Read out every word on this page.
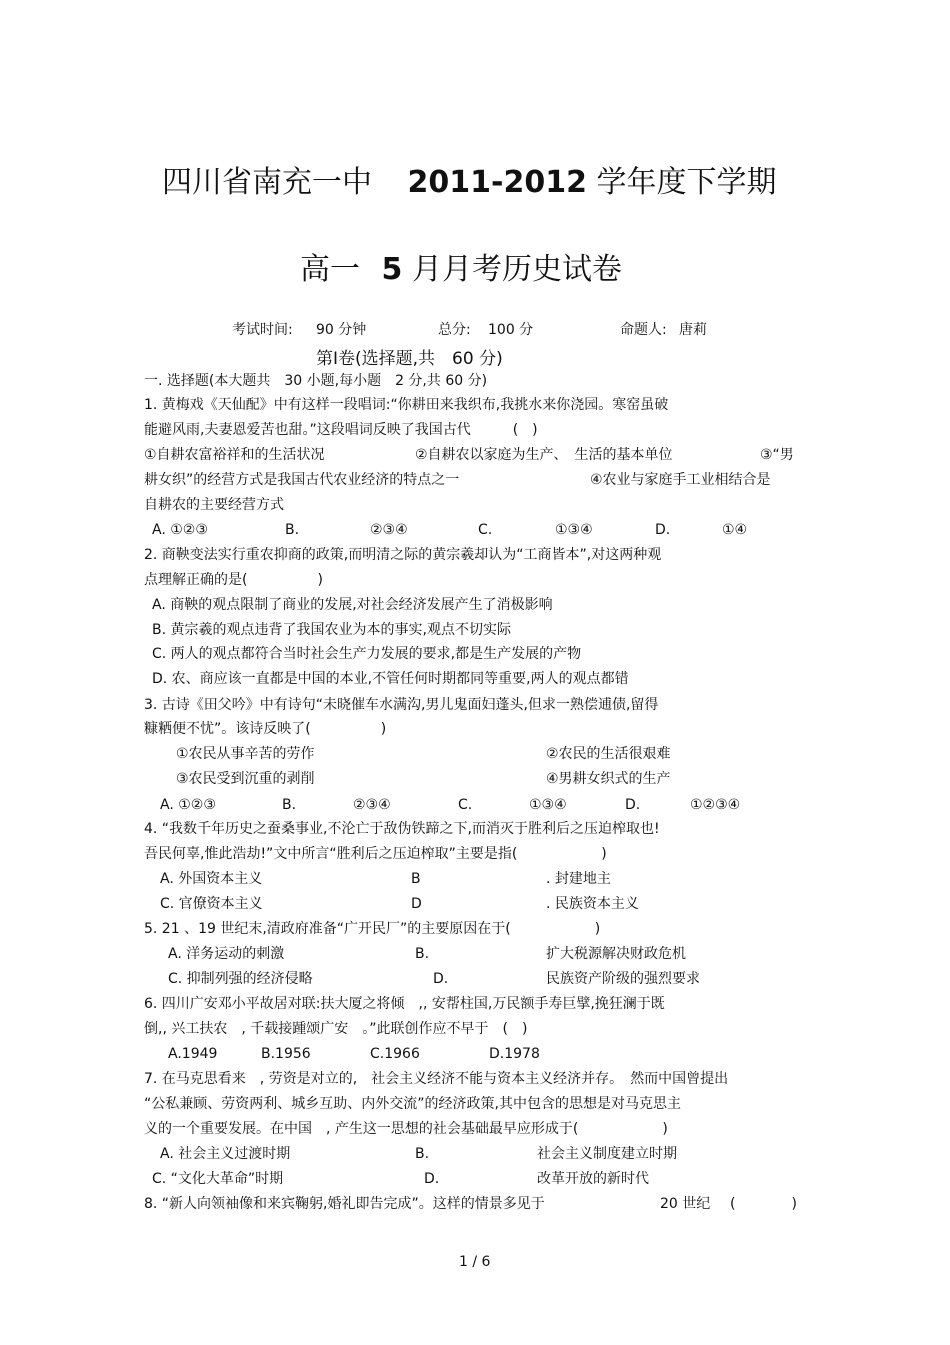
四川省南充一中 2011-2012 学年度下学期
高一 5 月月考历史试卷
考试时间: 90 分钟	总分: 100 分	命题人: 唐莉
第Ⅰ卷(选择题,共　60 分)
一. 选择题(本大题共　30 小题,每小题　2 分,共 60 分)
1. 黄梅戏《天仙配》中有这样一段唱词:“你耕田来我织布,我挑水来你浇园。寒窑虽破
能避风雨,夫妻恩爱苦也甜。”这段唱词反映了我国古代　　　(　)
①自耕农富裕祥和的生活状况	②自耕农以家庭为生产、　生活的基本单位	③“男
耕女织”的经营方式是我国古代农业经济的特点之一	④农业与家庭手工业相结合是
自耕农的主要经营方式
A. ①②③	B.	②③④	C.	①③④	D.	①④
2. 商鞅变法实行重农抑商的政策,而明清之际的黄宗羲却认为“工商皆本”,对这两种观
点理解正确的是(　　　　　)
A. 商鞅的观点限制了商业的发展,对社会经济发展产生了消极影响
B. 黄宗羲的观点违背了我国农业为本的事实,观点不切实际
C. 两人的观点都符合当时社会生产力发展的要求,都是生产发展的产物
D. 农、商应该一直都是中国的本业,不管任何时期都同等重要,两人的观点都错
3. 古诗《田父吟》中有诗句“未晓催车水满沟,男儿鬼面妇蓬头,但求一熟偿逋债,留得
糠粞便不忧”。该诗反映了(　　　　　)
①农民从事辛苦的劳作	②农民的生活很艰难
③农民受到沉重的剥削	④男耕女织式的生产
A. ①②③	B.	②③④	C.	①③④	D.	①②③④
4. “我数千年历史之蚕桑事业,不沦亡于敌伪铁蹄之下,而消灭于胜利后之压迫榨取也!
吾民何辜,惟此浩劫!”文中所言“胜利后之压迫榨取”主要是指(　　　　　　)
A. 外国资本主义	B	. 封建地主
C. 官僚资本主义	D	. 民族资本主义
5. 21 、19 世纪末,清政府准备“广开民厂”的主要原因在于(　　　　　　)
A. 洋务运动的刺激	B.	扩大税源解决财政危机
C. 抑制列强的经济侵略	D.	民族资产阶级的强烈要求
6. 四川广安邓小平故居对联:扶大厦之将倾　,, 安帮柱国,万民额手寿巨擘,挽狂澜于既
倒,, 兴工扶农　, 千载接踵颂广安　。”此联创作应不早于　(　)
A.1949	B.1956	C.1966	D.1978
7. 在马克思看来　, 劳资是对立的,　社会主义经济不能与资本主义经济并存。　然而中国曾提出
“公私兼顾、劳资两利、城乡互助、内外交流”的经济政策,其中包含的思想是对马克思主
义的一个重要发展。在中国　, 产生这一思想的社会基础最早应形成于(　　　　　　)
A. 社会主义过渡时期	B.	社会主义制度建立时期
C. “文化大革命”时期	D.	改革开放的新时代
8. “新人向领袖像和来宾鞠躬,婚礼即告完成”。这样的情景多见于	20 世纪 (　　　　)
1 / 6
